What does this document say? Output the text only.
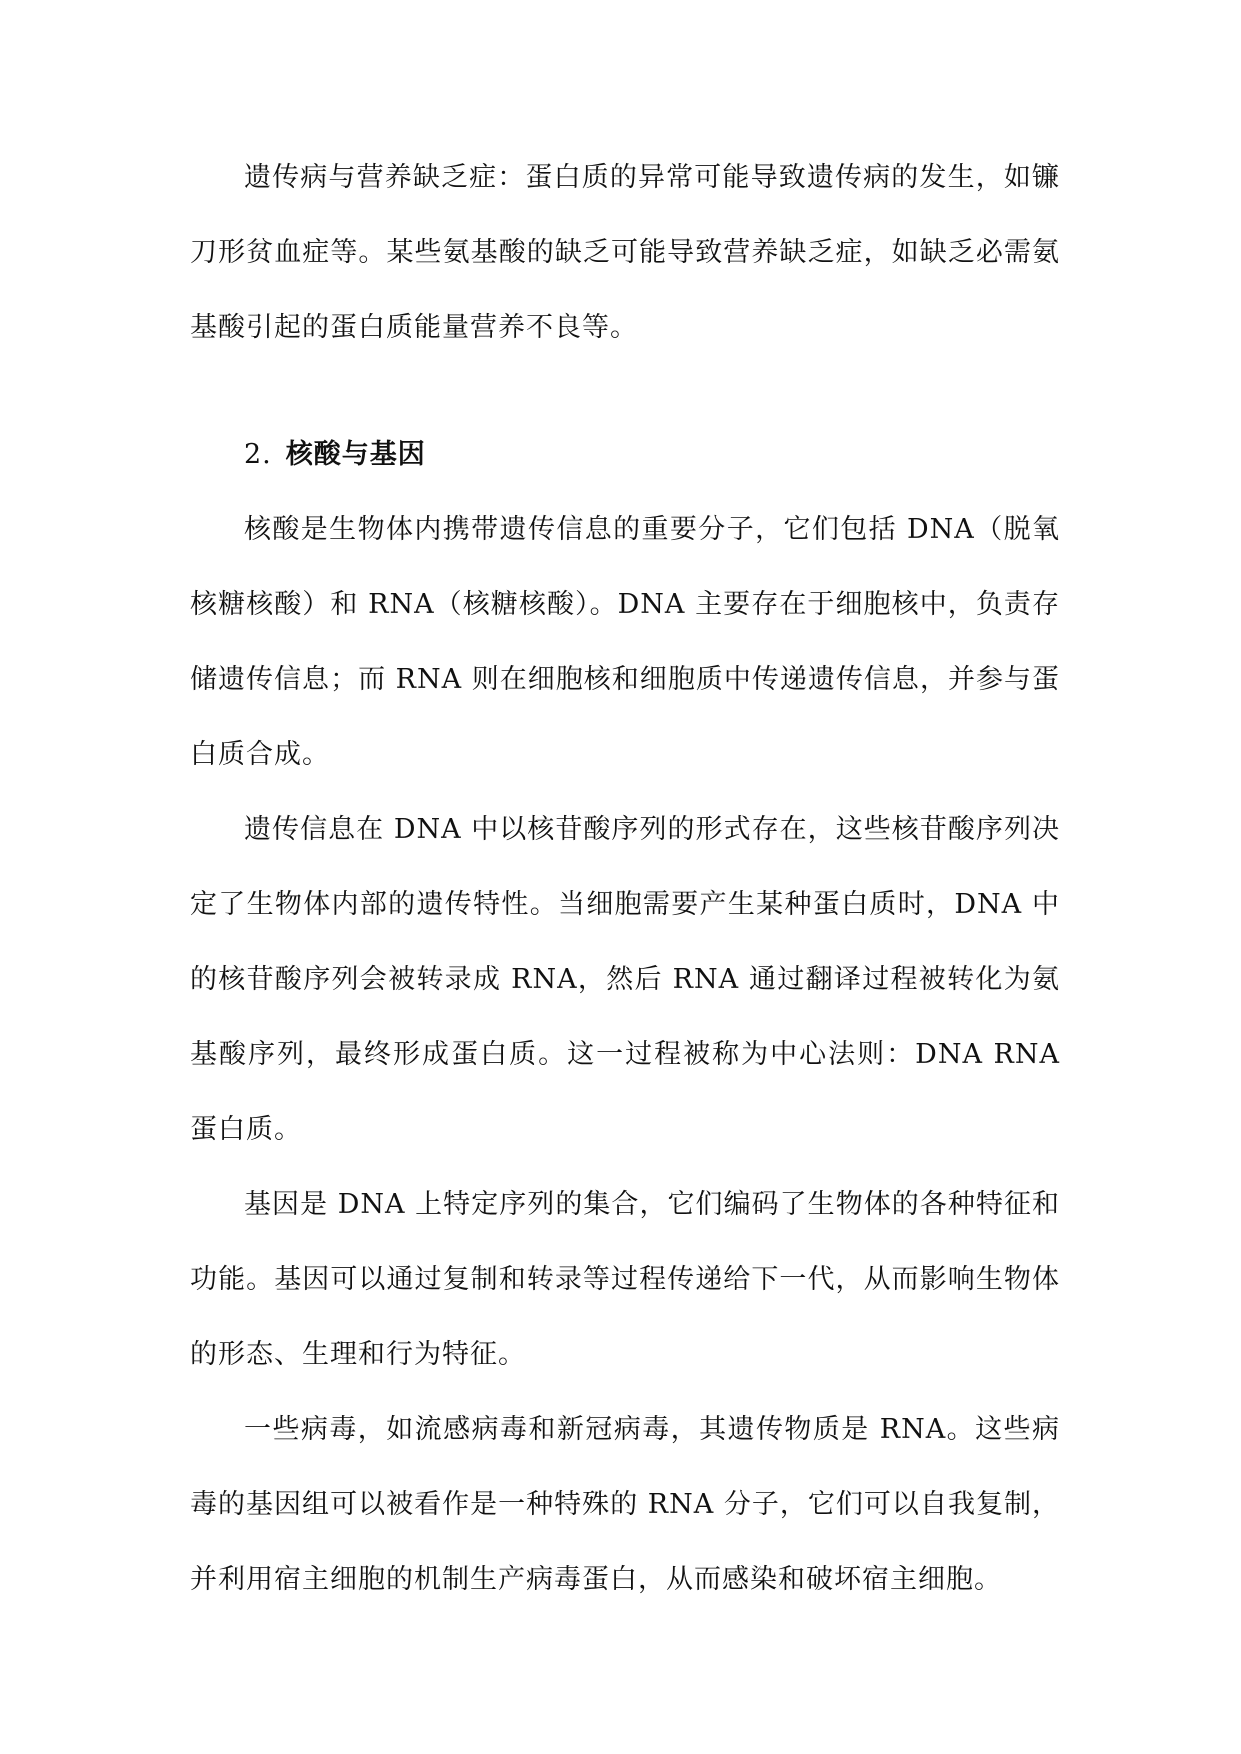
遗传病与营养缺乏症：蛋白质的异常可能导致遗传病的发生，如镰刀形贫血症等。某些氨基酸的缺乏可能导致营养缺乏症，如缺乏必需氨基酸引起的蛋白质能量营养不良等。

2. 核酸与基因

核酸是生物体内携带遗传信息的重要分子，它们包括 DNA（脱氧核糖核酸）和 RNA（核糖核酸）。DNA 主要存在于细胞核中，负责存储遗传信息；而 RNA 则在细胞核和细胞质中传递遗传信息，并参与蛋白质合成。

遗传信息在 DNA 中以核苷酸序列的形式存在，这些核苷酸序列决定了生物体内部的遗传特性。当细胞需要产生某种蛋白质时，DNA 中的核苷酸序列会被转录成 RNA，然后 RNA 通过翻译过程被转化为氨基酸序列，最终形成蛋白质。这一过程被称为中心法则：DNA RNA 蛋白质。

基因是 DNA 上特定序列的集合，它们编码了生物体的各种特征和功能。基因可以通过复制和转录等过程传递给下一代，从而影响生物体的形态、生理和行为特征。

一些病毒，如流感病毒和新冠病毒，其遗传物质是 RNA。这些病毒的基因组可以被看作是一种特殊的 RNA 分子，它们可以自我复制，并利用宿主细胞的机制生产病毒蛋白，从而感染和破坏宿主细胞。
